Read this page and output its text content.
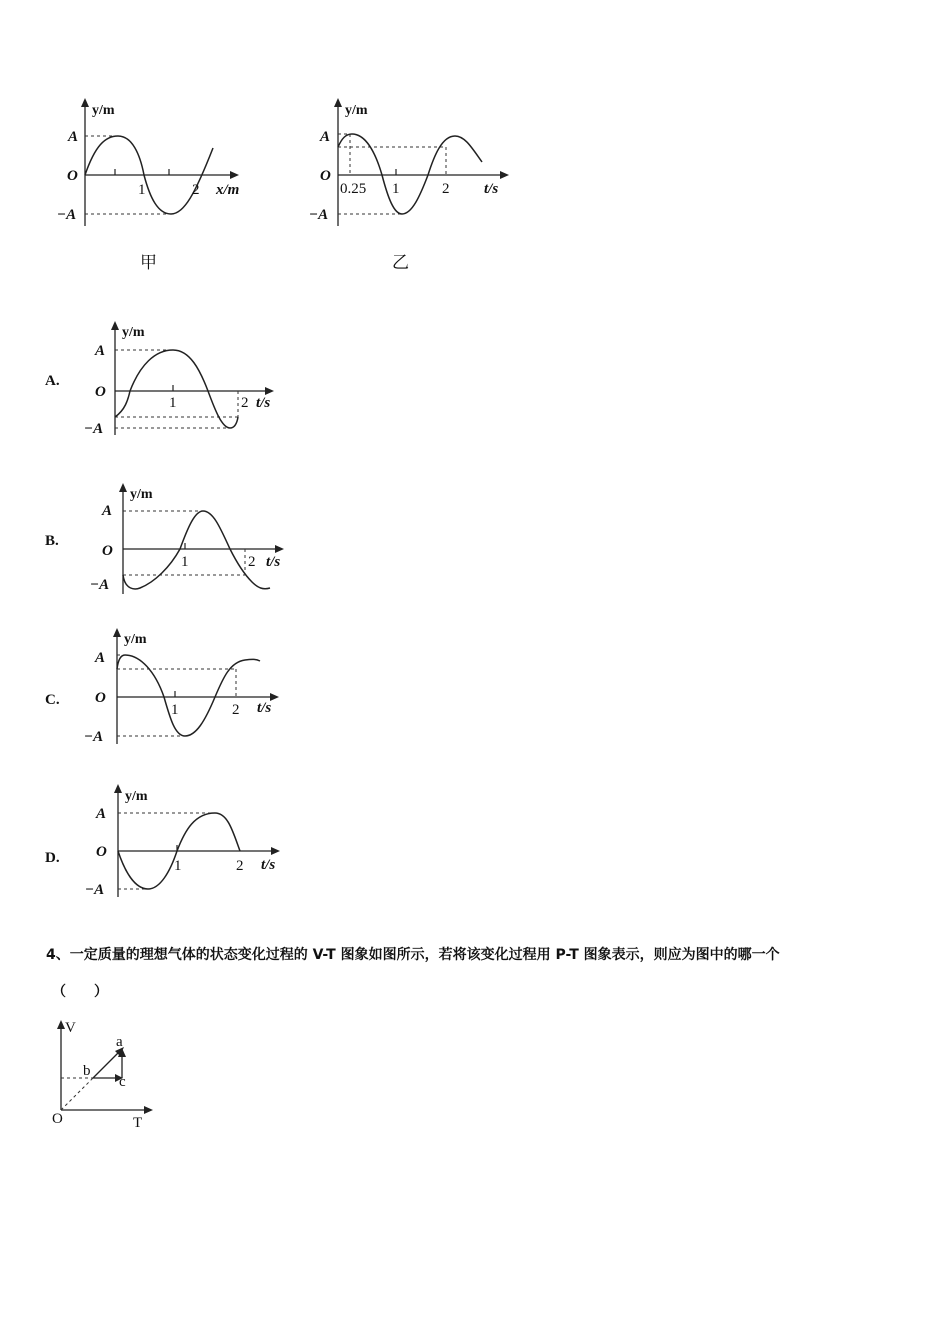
y/m
A
O
−A
1	2 x/m
甲
y/m
A
O
−A
0.25 1	2 t/s
乙
A.
y/m
A
O
−A
1	2 t/s
B.
y/m
A
O
−A
1	2 t/s
C.
y/m
A
O
−A
1	2 t/s
D.
y/m
A
O
−A
1	2 t/s
4、一定质量的理想气体的状态变化过程的 V-T 图象如图所示，若将该变化过程用 P-T 图象表示，则应为图中的哪一个
（　　）
V
T
O
a
b
c
